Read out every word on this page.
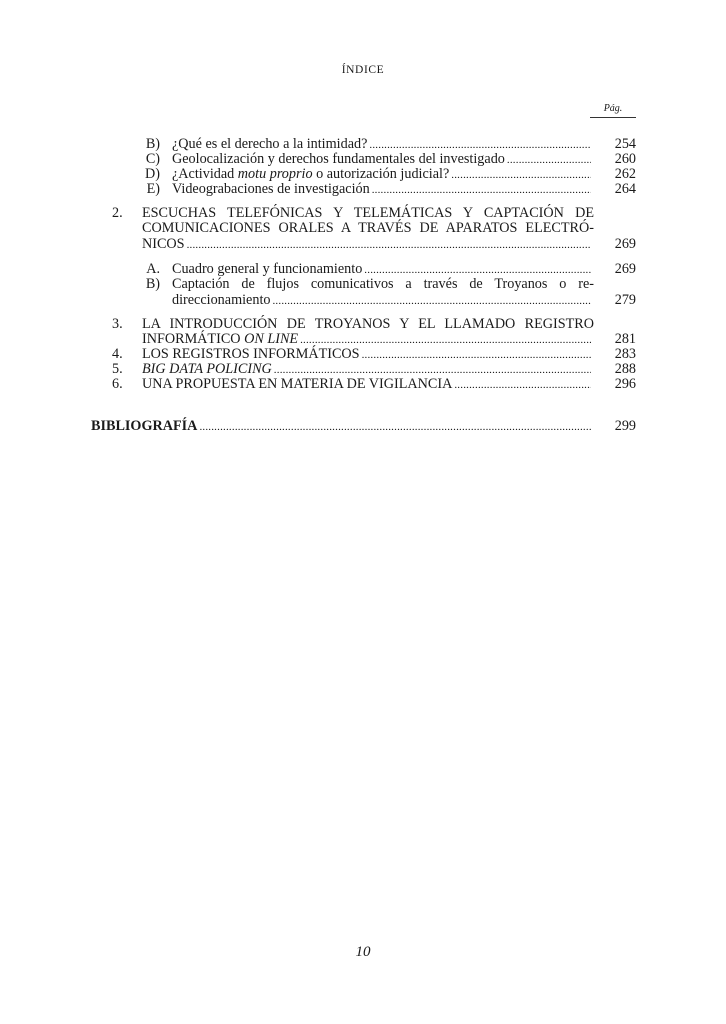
ÍNDICE
Pág.
B) ¿Qué es el derecho a la intimidad? .....	254
C) Geolocalización y derechos fundamentales del investigado .....	260
D) ¿Actividad motu proprio o autorización judicial? .....	262
E) Videograbaciones de investigación .....	264
2. ESCUCHAS TELEFÓNICAS Y TELEMÁTICAS Y CAPTACIÓN DE
COMUNICACIONES ORALES A TRAVÉS DE APARATOS ELECTRÓ-
NICOS .....	269
A. Cuadro general y funcionamiento .....	269
B) Captación de flujos comunicativos a través de Troyanos o re-
direccionamiento .....	279
3. LA INTRODUCCIÓN DE TROYANOS Y EL LLAMADO REGISTRO
INFORMÁTICO ON LINE .....	281
4. LOS REGISTROS INFORMÁTICOS .....	283
5. BIG DATA POLICING .....	288
6. UNA PROPUESTA EN MATERIA DE VIGILANCIA .....	296
BIBLIOGRAFÍA .....	299
10
